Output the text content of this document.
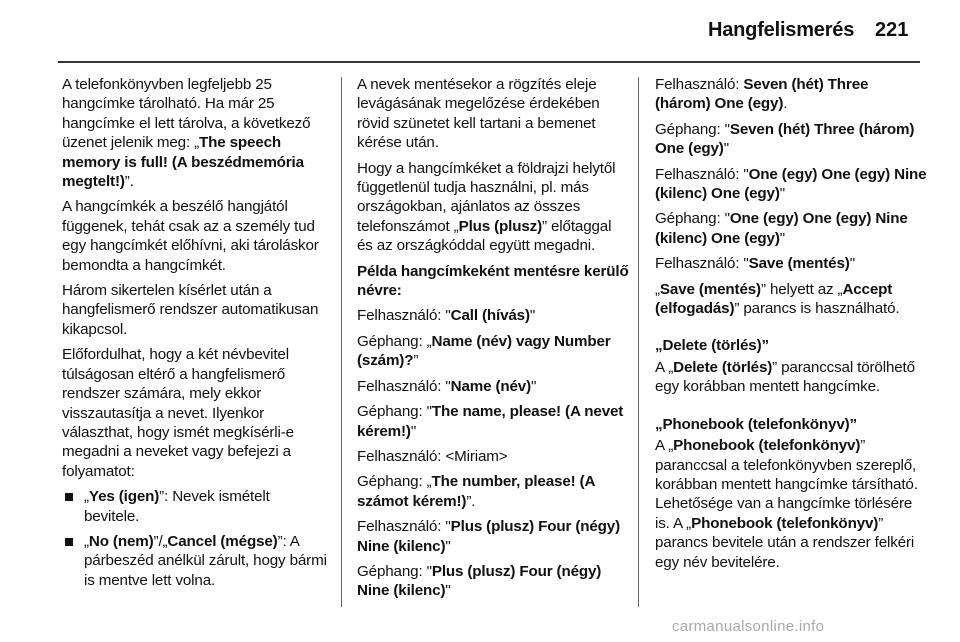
Hangfelismerés 221

A telefonkönyvben legfeljebb 25 hangcímke tárolható. Ha már 25 hangcímke el lett tárolva, a következő üzenet jelenik meg: „The speech memory is full! (A beszédmemória megtelt!)”.

A hangcímkék a beszélő hangjától függenek, tehát csak az a személy tud egy hangcímkét előhívni, aki tároláskor bemondta a hangcímkét.

Három sikertelen kísérlet után a hangfelismerő rendszer automatikusan kikapcsol.

Előfordulhat, hogy a két névbevitel túlságosan eltérő a hangfelismerő rendszer számára, mely ekkor visszautasítja a nevet. Ilyenkor választhat, hogy ismét megkísérli-e megadni a neveket vagy befejezi a folyamatot:

„Yes (igen)”: Nevek ismételt bevitele.
„No (nem)”/„Cancel (mégse)”: A párbeszéd anélkül zárult, hogy bármi is mentve lett volna.

A nevek mentésekor a rögzítés eleje levágásának megelőzése érdekében rövid szünetet kell tartani a bemenet kérése után.

Hogy a hangcímkéket a földrajzi helytől függetlenül tudja használni, pl. más országokban, ajánlatos az összes telefonszámot „Plus (plusz)” előtaggal és az országkóddal együtt megadni.

Példa hangcímkeként mentésre kerülő névre:

Felhasználó: "Call (hívás)"

Géphang: „Name (név) vagy Number (szám)?”

Felhasználó: "Name (név)"

Géphang: "The name, please! (A nevet kérem!)"

Felhasználó: <Miriam>

Géphang: „The number, please! (A számot kérem!)”.

Felhasználó: "Plus (plusz) Four (négy) Nine (kilenc)"

Géphang: "Plus (plusz) Four (négy) Nine (kilenc)"

Felhasználó: Seven (hét) Three (három) One (egy).

Géphang: "Seven (hét) Three (három) One (egy)"

Felhasználó: "One (egy) One (egy) Nine (kilenc) One (egy)"

Géphang: "One (egy) One (egy) Nine (kilenc) One (egy)"

Felhasználó: "Save (mentés)"

„Save (mentés)” helyett az „Accept (elfogadás)” parancs is használható.

„Delete (törlés)”

A „Delete (törlés)” paranccsal törölhető egy korábban mentett hangcímke.

„Phonebook (telefonkönyv)”

A „Phonebook (telefonkönyv)” paranccsal a telefonkönyvben szereplő, korábban mentett hangcímke társítható. Lehetősége van a hangcímke törlésére is. A „Phonebook (telefonkönyv)” parancs bevitele után a rendszer felkéri egy név bevitelére.

carmanualsonline.info
